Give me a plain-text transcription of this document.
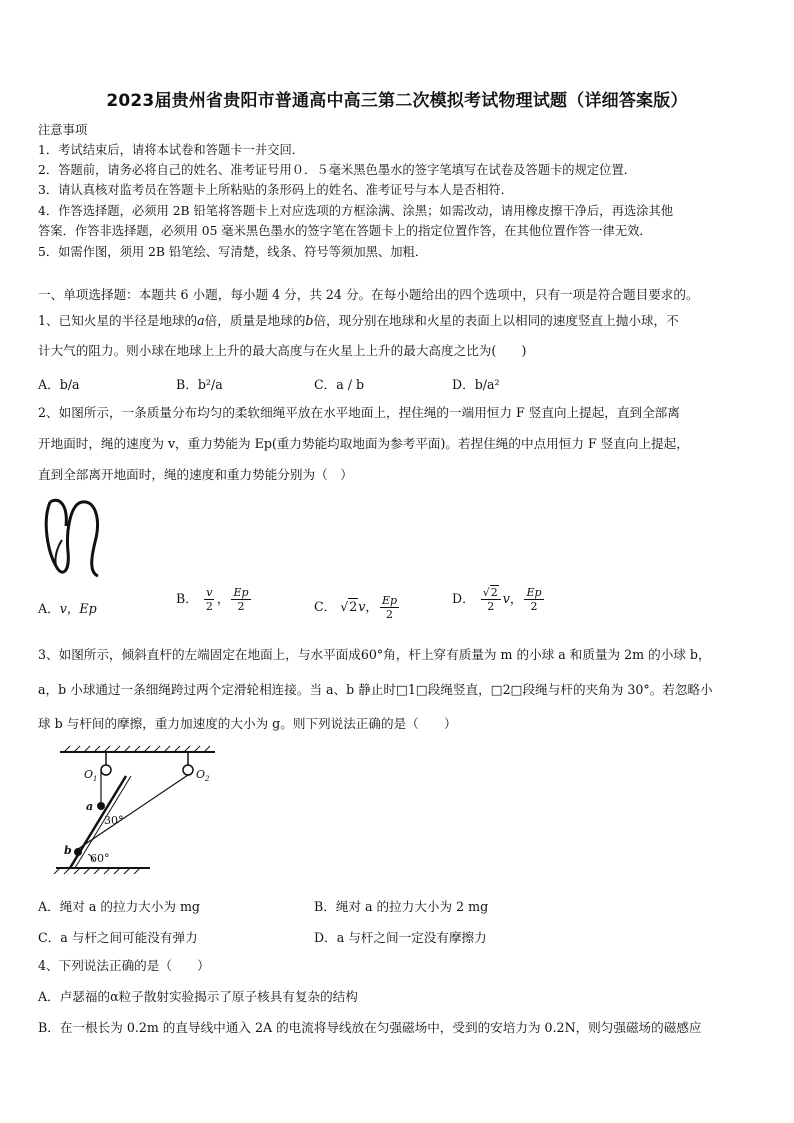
2023届贵州省贵阳市普通高中高三第二次模拟考试物理试题（详细答案版）
注意事项
1．考试结束后，请将本试卷和答题卡一并交回．
2．答题前，请务必将自己的姓名、准考证号用０．５毫米黑色墨水的签字笔填写在试卷及答题卡的规定位置．
3．请认真核对监考员在答题卡上所粘贴的条形码上的姓名、准考证号与本人是否相符．
4．作答选择题，必须用 2B 铅笔将答题卡上对应选项的方框涂满、涂黑；如需改动，请用橡皮擦干净后，再选涂其他
答案．作答非选择题，必须用 05 毫米黑色墨水的签字笔在答题卡上的指定位置作答，在其他位置作答一律无效．
5．如需作图，须用 2B 铅笔绘、写清楚，线条、符号等须加黑、加粗．
一、单项选择题：本题共 6 小题，每小题 4 分，共 24 分。在每小题给出的四个选项中，只有一项是符合题目要求的。
1、已知火星的半径是地球的a倍，质量是地球的b倍，现分别在地球和火星的表面上以相同的速度竖直上抛小球，不
计大气的阻力。则小球在地球上上升的最大高度与在火星上上升的最大高度之比为(　　)
A．b/a	B．b²/a	C．a / b	D．b/a²
2、如图所示，一条质量分布均匀的柔软细绳平放在水平地面上，捏住绳的一端用恒力 F 竖直向上提起，直到全部离
开地面时，绳的速度为 v，重力势能为 Ep(重力势能均取地面为参考平面)。若捏住绳的中点用恒力 F 竖直向上提起，
直到全部离开地面时，绳的速度和重力势能分别为（　）
A．v，Ep
B． $\frac{v}{2}$ ， $\frac{Ep}{2}$	C． √2v， $\frac{Ep}{2}$	D． $\frac{√2}{2}$ v， $\frac{Ep}{2}$
3、如图所示，倾斜直杆的左端固定在地面上，与水平面成60°角，杆上穿有质量为 m 的小球 a 和质量为 2m 的小球 b，
a，b 小球通过一条细绳跨过两个定滑轮相连接。当 a、b 静止时□1□段绳竖直，□2□段绳与杆的夹角为 30°。若忽略小
球 b 与杆间的摩擦，重力加速度的大小为 g。则下列说法正确的是（　　）
$O_1$	$O_2$
a
b
30°
60°
A．绳对 a 的拉力大小为 mg	B．绳对 a 的拉力大小为 2 mg
C．a 与杆之间可能没有弹力	D．a 与杆之间一定没有摩擦力
4、下列说法正确的是（　　）
A．卢瑟福的α粒子散射实验揭示了原子核具有复杂的结构
B．在一根长为 0.2m 的直导线中通入 2A 的电流将导线放在匀强磁场中，受到的安培力为 0.2N，则匀强磁场的磁感应
